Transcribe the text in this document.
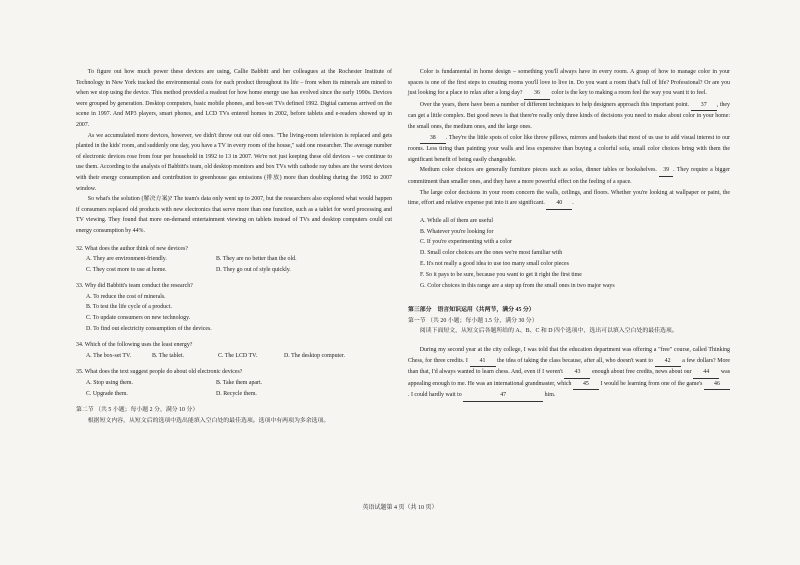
To figure out how much power these devices are using, Callie Babbitt and her colleagues at the Rochester Institute of Technology in New York tracked the environmental costs for each product throughout its life – from when its minerals are mined to when we stop using the device. This method provided a readout for how home energy use has evolved since the early 1990s. Devices were grouped by generation. Desktop computers, basic mobile phones, and box-set TVs defined 1992. Digital cameras arrived on the scene in 1997. And MP3 players, smart phones, and LCD TVs entered homes in 2002, before tablets and e-readers showed up in 2007.

As we accumulated more devices, however, we didn't throw out our old ones. "The living-room television is replaced and gets planted in the kids' room, and suddenly one day, you have a TV in every room of the house," said one researcher. The average number of electronic devices rose from four per household in 1992 to 13 in 2007. We're not just keeping these old devices – we continue to use them. According to the analysis of Babbitt's team, old desktop monitors and box TVs with cathode ray tubes are the worst devices with their energy consumption and contribution to greenhouse gas emissions (排放) more than doubling during the 1992 to 2007 window.

So what's the solution (解决方案)? The team's data only went up to 2007, but the researchers also explored what would happen if consumers replaced old products with new electronics that serve more than one function, such as a tablet for word processing and TV viewing. They found that more on-demand entertainment viewing on tablets instead of TVs and desktop computers could cut energy consumption by 44%.

32. What does the author think of new devices?

A. They are environment-friendly.	B. They are no better than the old.
C. They cost more to use at home.	D. They go out of style quickly.

33. Why did Babbitt's team conduct the research?

A. To reduce the cost of minerals.
B. To test the life cycle of a product.
C. To update consumers on new technology.
D. To find out electricity consumption of the devices.

34. Which of the following uses the least energy?

A. The box-set TV.	B. The tablet.	C. The LCD TV.	D. The desktop computer.

35. What does the text suggest people do about old electronic devices?

A. Stop using them.	B. Take them apart.
C. Upgrade them.	D. Recycle them.

第二节 （共 5 小题；每小题 2 分，满分 10 分）

根据短文内容，从短文后的选项中选出能填入空白处的最佳选项。选项中有两项为多余选项。

Color is fundamental in home design – something you'll always have in every room. A grasp of how to manage color in your spaces is one of the first steps to creating rooms you'll love to live in. Do you want a room that's full of life? Professional? Or are you just looking for a place to relax after a long day? 36 color is the key to making a room feel the way you want it to feel.

Over the years, there have been a number of different techniques to help designers approach this important point. 37 , they can get a little complex. But good news is that there're really only three kinds of decisions you need to make about color in your home: the small ones, the medium ones, and the large ones.

38 . They're the little spots of color like throw pillows, mirrors and baskets that most of us use to add visual interest to our rooms. Less tiring than painting your walls and less expensive than buying a colorful sofa, small color choices bring with them the significant benefit of being easily changeable.

Medium color choices are generally furniture pieces such as sofas, dinner tables or bookshelves. 39 . They require a bigger commitment than smaller ones, and they have a more powerful effect on the feeling of a space.

The large color decisions in your room concern the walls, ceilings, and floors. Whether you're looking at wallpaper or paint, the time, effort and relative expense put into it are significant. 40 .

A. While all of them are useful
B. Whatever you're looking for
C. If you're experimenting with a color
D. Small color choices are the ones we're most familiar with
E. It's not really a good idea to use too many small color pieces
F. So it pays to be sure, because you want to get it right the first time
G. Color choices in this range are a step up from the small ones in two major ways

第三部分　语言知识运用（共两节，满分 45 分）

第一节 （共 20 小题；每小题 1.5 分，满分 30 分）

阅读下面短文，从短文后各题所给的 A、B、C 和 D 四个选项中，选出可以填入空白处的最佳选项。

During my second year at the city college, I was told that the education department was offering a "free" course, called Thinking Chess, for three credits. I 41 the idea of taking the class because, after all, who doesn't want to 42 a few dollars? More than that, I'd always wanted to learn chess. And, even if I weren't 43 enough about free credits, news about our 44 was appealing enough to me. He was an international grandmaster, which 45 I would be learning from one of the game's 46. I could hardly wait to	47	him.

英语试题第 4 页（共 10 页）
